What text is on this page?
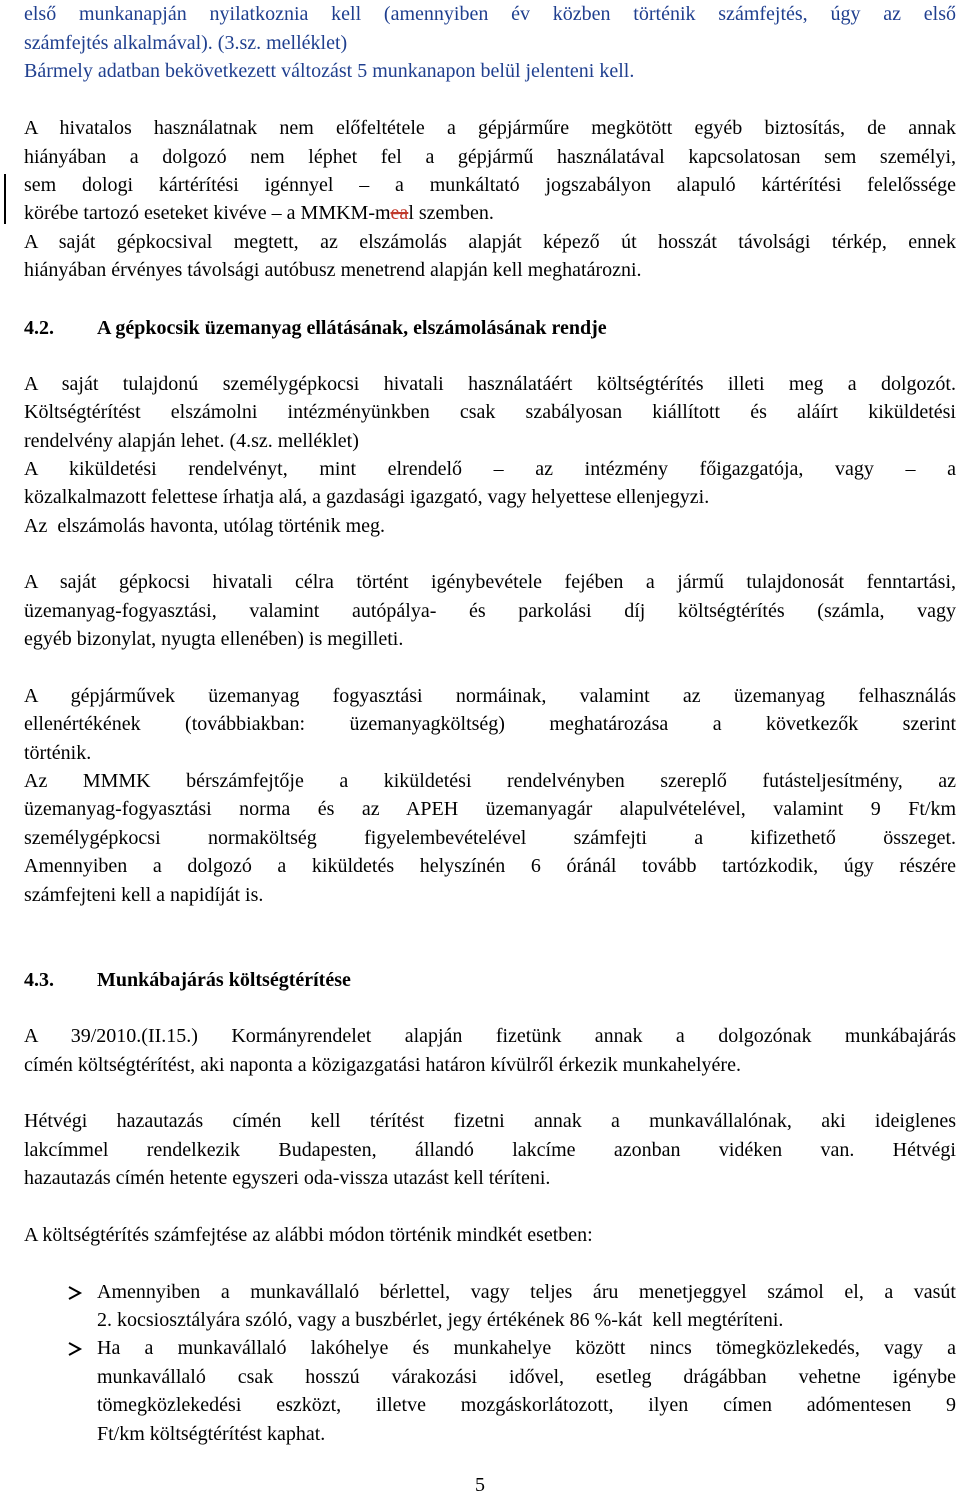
első munkanapján nyilatkoznia kell (amennyiben év közben történik számfejtés, úgy az első
számfejtés alkalmával). (3.sz. melléklet)
Bármely adatban bekövetkezett változást 5 munkanapon belül jelenteni kell.
A hivatalos használatnak nem előfeltétele a gépjárműre megkötött egyéb biztosítás, de annak
hiányában a dolgozó nem léphet fel a gépjármű használatával kapcsolatosan sem személyi,
sem dologi kártérítési igénnyel – a munkáltató jogszabályon alapuló kártérítési felelőssége
körébe tartozó eseteket kivéve – a MMKM-meal szemben.
A saját gépkocsival megtett, az elszámolás alapját képező út hosszát távolsági térkép, ennek
hiányában érvényes távolsági autóbusz menetrend alapján kell meghatározni.
4.2. A gépkocsik üzemanyag ellátásának, elszámolásának rendje
A saját tulajdonú személygépkocsi hivatali használatáért költségtérítés illeti meg a dolgozót.
Költségtérítést elszámolni intézményünkben csak szabályosan kiállított és aláírt kiküldetési
rendelvény alapján lehet. (4.sz. melléklet)
A kiküldetési rendelvényt, mint elrendelő – az intézmény főigazgatója, vagy – a
közalkalmazott felettese írhatja alá, a gazdasági igazgató, vagy helyettese ellenjegyzi.
Az  elszámolás havonta, utólag történik meg.
A saját gépkocsi hivatali célra történt igénybevétele fejében a jármű tulajdonosát fenntartási,
üzemanyag-fogyasztási, valamint autópálya- és parkolási díj költségtérítés (számla, vagy
egyéb bizonylat, nyugta ellenében) is megilleti.
A gépjárművek üzemanyag fogyasztási normáinak, valamint az üzemanyag felhasználás
ellenértékének (továbbiakban: üzemanyagköltség) meghatározása a következők szerint
történik.
Az MMMK bérszámfejtője a kiküldetési rendelvényben szereplő futásteljesítmény, az
üzemanyag-fogyasztási norma és az APEH üzemanyagár alapulvételével, valamint 9 Ft/km
személygépkocsi normaköltség figyelembevételével számfejti a kifizethető összeget.
Amennyiben a dolgozó a kiküldetés helyszínén 6 óránál tovább tartózkodik, úgy részére
számfejteni kell a napidíját is.
4.3. Munkábajárás költségtérítése
A 39/2010.(II.15.) Kormányrendelet alapján fizetünk annak a dolgozónak munkábajárás
címén költségtérítést, aki naponta a közigazgatási határon kívülről érkezik munkahelyére.
Hétvégi hazautazás címén kell térítést fizetni annak a munkavállalónak, aki ideiglenes
lakcímmel rendelkezik Budapesten, állandó lakcíme azonban vidéken van. Hétvégi
hazautazás címén hetente egyszeri oda-vissza utazást kell téríteni.
A költségtérítés számfejtése az alábbi módon történik mindkét esetben:
Amennyiben a munkavállaló bérlettel, vagy teljes áru menetjeggyel számol el, a vasút
2. kocsiosztályára szóló, vagy a buszbérlet, jegy értékének 86 %-kát  kell megtéríteni.
Ha a munkavállaló lakóhelye és munkahelye között nincs tömegközlekedés, vagy a
munkavállaló csak hosszú várakozási idővel, esetleg drágábban vehetne igénybe
tömegközlekedési eszközt, illetve mozgáskorlátozott, ilyen címen adómentesen 9
Ft/km költségtérítést kaphat.
5
